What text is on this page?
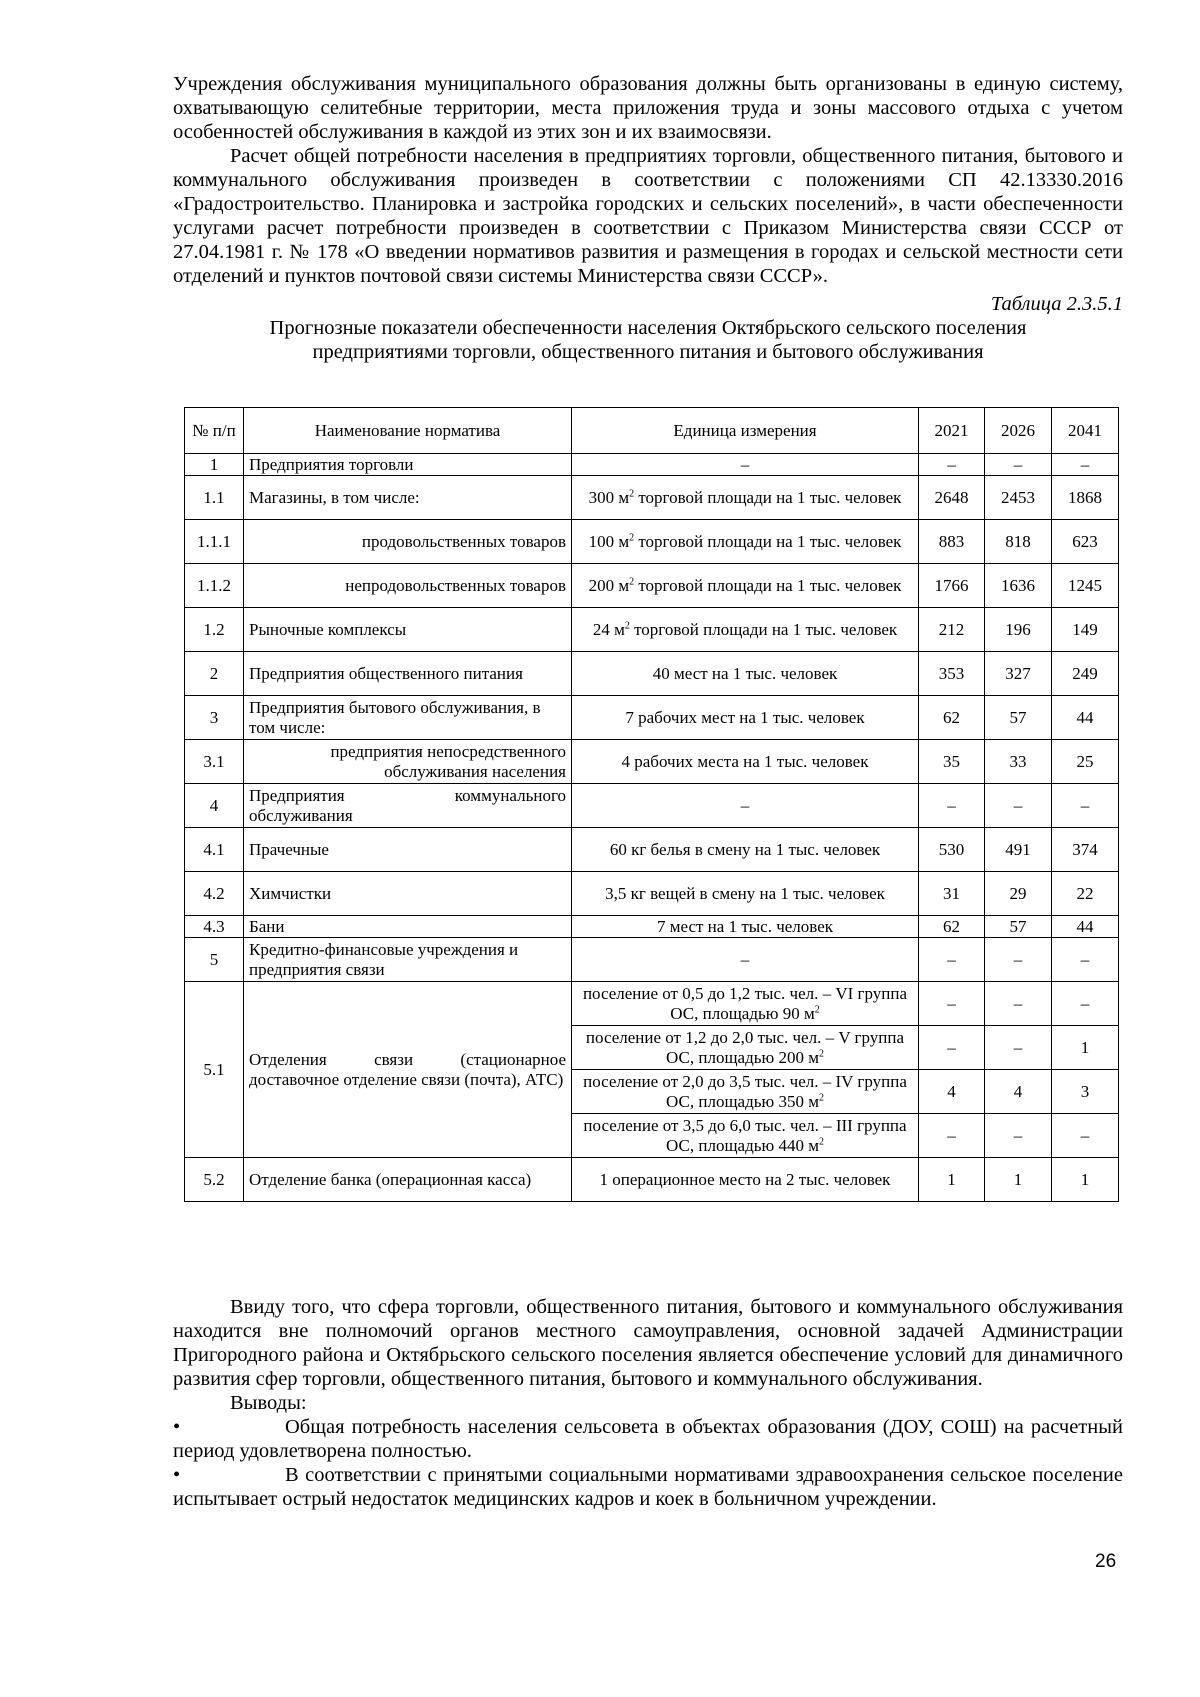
Учреждения обслуживания муниципального образования должны быть организованы в единую систему, охватывающую селитебные территории, места приложения труда и зоны массового отдыха с учетом особенностей обслуживания в каждой из этих зон и их взаимосвязи.

Расчет общей потребности населения в предприятиях торговли, общественного питания, бытового и коммунального обслуживания произведен в соответствии с положениями СП 42.13330.2016 «Градостроительство. Планировка и застройка городских и сельских поселений», в части обеспеченности услугами расчет потребности произведен в соответствии с Приказом Министерства связи СССР от 27.04.1981 г. № 178 «О введении нормативов развития и размещения в городах и сельской местности сети отделений и пунктов почтовой связи системы Министерства связи СССР».

Таблица 2.3.5.1

Прогнозные показатели обеспеченности населения Октябрьского сельского поселения

предприятиями торговли, общественного питания и бытового обслуживания

№ п/п	Наименование норматива	Единица измерения	2021	2026	2041
1	Предприятия торговли	–	–	–	–
1.1	Магазины, в том числе:	300 $м^2$ торговой площади на 1 тыс. человек	2648	2453	1868
1.1.1	продовольственных товаров	100 $м^2$ торговой площади на 1 тыс. человек	883	818	623
1.1.2	непродовольственных товаров	200 $м^2$ торговой площади на 1 тыс. человек	1766	1636	1245
1.2	Рыночные комплексы	24 $м^2$ торговой площади на 1 тыс. человек	212	196	149
2	Предприятия общественного питания	40 мест на 1 тыс. человек	353	327	249
3	Предприятия бытового обслуживания, в том числе:	7 рабочих мест на 1 тыс. человек	62	57	44
3.1	предприятия непосредственного обслуживания населения	4 рабочих места на 1 тыс. человек	35	33	25
4	Предприятия коммунального обслуживания	–	–	–	–
4.1	Прачечные	60 кг белья в смену на 1 тыс. человек	530	491	374
4.2	Химчистки	3,5 кг вещей в смену на 1 тыс. человек	31	29	22
4.3	Бани	7 мест на 1 тыс. человек	62	57	44
5	Кредитно-финансовые учреждения и предприятия связи	–	–	–	–
5.1	Отделения связи (стационарное доставочное отделение связи (почта), АТС)	поселение от 0,5 до 1,2 тыс. чел. – VI группа ОС, площадью 90 $м^2$	–	–	–
		поселение от 1,2 до 2,0 тыс. чел. – V группа ОС, площадью 200 $м^2$	–	–	1
		поселение от 2,0 до 3,5 тыс. чел. – IV группа ОС, площадью 350 $м^2$	4	4	3
		поселение от 3,5 до 6,0 тыс. чел. – III группа ОС, площадью 440 $м^2$	–	–	–
5.2	Отделение банка (операционная касса)	1 операционное место на 2 тыс. человек	1	1	1

Ввиду того, что сфера торговли, общественного питания, бытового и коммунального обслуживания находится вне полномочий органов местного самоуправления, основной задачей Администрации Пригородного района и Октябрьского сельского поселения является обеспечение условий для динамичного развития сфер торговли, общественного питания, бытового и коммунального обслуживания.

Выводы:

•	Общая потребность населения сельсовета в объектах образования (ДОУ, СОШ) на расчетный период удовлетворена полностью.

•	В соответствии с принятыми социальными нормативами здравоохранения сельское поселение испытывает острый недостаток медицинских кадров и коек в больничном учреждении.

26
